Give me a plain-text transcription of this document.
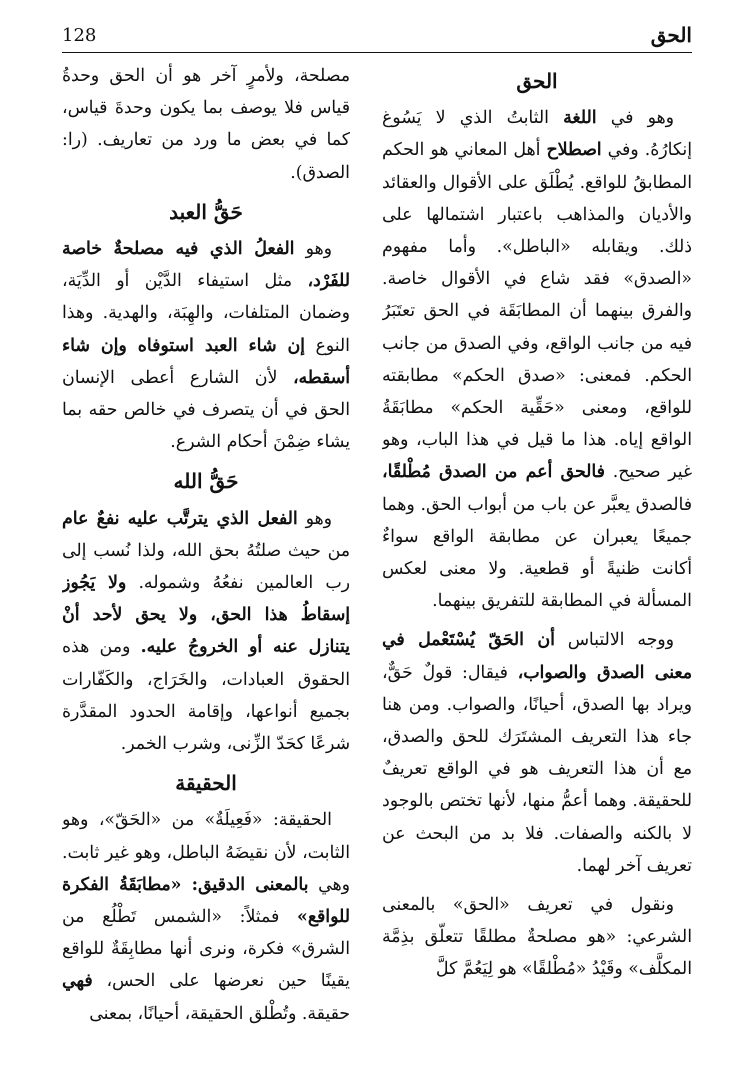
الحق
128
الحق

وهو في اللغة الثابتُ الذي لا يَسُوغ إنكارُهُ. وفي اصطلاح أهل المعاني هو الحكم المطابقُ للواقع. يُطْلَق على الأقوال والعقائد والأديان والمذاهب باعتبار اشتمالها على ذلك. ويقابله «الباطل». وأما مفهوم «الصدق» فقد شاع في الأقوال خاصة. والفرق بينهما أن المطابَقَة في الحق تعتَبَرُ فيه من جانب الواقع، وفي الصدق من جانب الحكم. فمعنى: «صدق الحكم» مطابقته للواقع، ومعنى «حَقِّية الحكم» مطابَقَةُ الواقع إياه. هذا ما قيل في هذا الباب، وهو غير صحيح. فالحق أعم من الصدق مُطْلقًا، فالصدق يعبَّر عن باب من أبواب الحق. وهما جميعًا يعبران عن مطابقة الواقع سواءٌ أكانت ظنيةً أو قطعية. ولا معنى لعكس المسألة في المطابقة للتفريق بينهما.

ووجه الالتباس أن الحَقّ يُسْتَعْمل في معنى الصدق والصواب، فيقال: قولٌ حَقٌّ، ويراد بها الصدق، أحيانًا، والصواب. ومن هنا جاء هذا التعريف المشتَرَك للحق والصدق، مع أن هذا التعريف هو في الواقع تعريفٌ للحقيقة. وهما أعمُّ منها، لأنها تختص بالوجود لا بالكنه والصفات. فلا بد من البحث عن تعريف آخر لهما.

ونقول في تعريف «الحق» بالمعنى الشرعي: «هو مصلحةٌ مطلقًا تتعلّق بذِمَّة المكلَّف» وقَيْدُ «مُطْلقًا» هو لِيَعُمَّ كلَّ

مصلحة، ولأمرٍ آخر هو أن الحق وحدةُ قياس فلا يوصف بما يكون وحدةَ قياس، كما في بعض ما ورد من تعاريف. (را: الصدق).

حَقُّ العبد

وهو الفعلُ الذي فيه مصلحةٌ خاصة للفَرْد، مثل استيفاء الدَّيْن أو الدِّيَة، وضمان المتلفات، والهِبَة، والهدية. وهذا النوع إن شاء العبد استوفاه وإن شاء أسقطه، لأن الشارع أعطى الإنسان الحق في أن يتصرف في خالص حقه بما يشاء ضِمْنَ أحكام الشرع.

حَقُّ الله

وهو الفعل الذي يترتَّب عليه نفعٌ عام من حيث صلتُهُ بحق الله، ولذا نُسب إلى رب العالمين نفعُهُ وشموله. ولا يَجُوز إسقاطُ هذا الحق، ولا يحق لأحد أنْ يتنازل عنه أو الخروجُ عليه. ومن هذه الحقوق العبادات، والخَرَاج، والكَفّارات بجميع أنواعها، وإقامة الحدود المقدَّرة شرعًا كحَدّ الزِّنى، وشرب الخمر.

الحقيقة

الحقيقة: «فَعِيلَةٌ» من «الحَقّ»، وهو الثابت، لأن نقيضَهُ الباطل، وهو غير ثابت. وهي بالمعنى الدقيق: «مطابَقَةُ الفكرة للواقع» فمثلاً: «الشمس تَطْلُع من الشرق» فكرة، ونرى أنها مطابِقَةٌ للواقع يقينًا حين نعرضها على الحس، فهي حقيقة. وتُطْلق الحقيقة، أحيانًا، بمعنى
